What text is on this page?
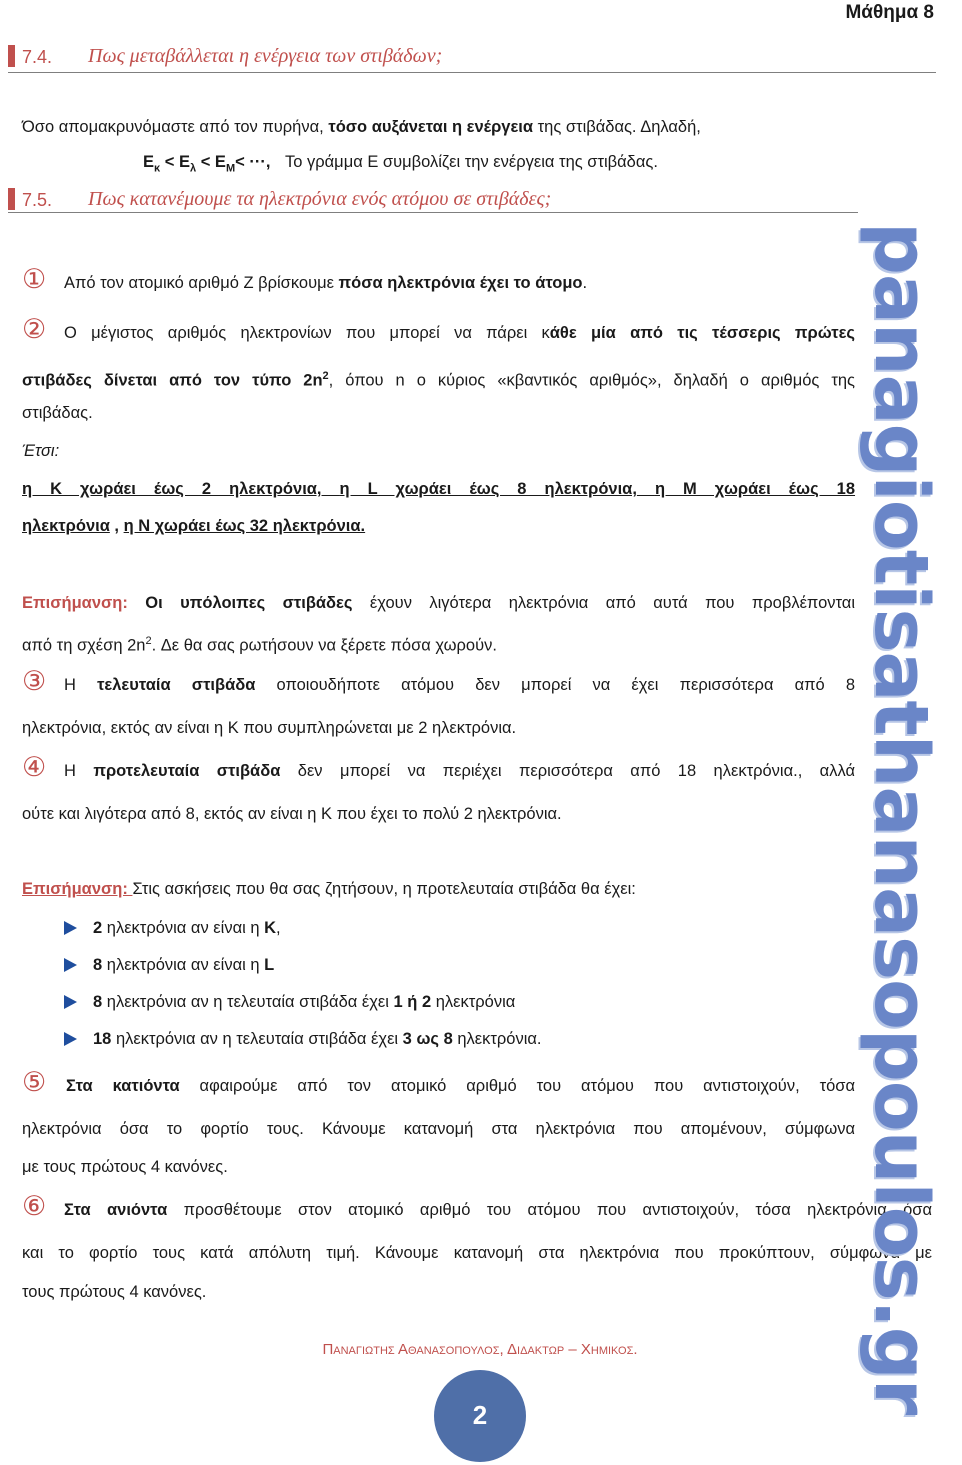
Μάθημα 8
7.4. Πως μεταβάλλεται η ενέργεια των στιβάδων;
Όσο απομακρυνόμαστε από τον πυρήνα, τόσο αυξάνεται η ενέργεια της στιβάδας. Δηλαδή,
$E_\kappa < E_\lambda < E_M<$ ···, Το γράμμα Ε συμβολίζει την ενέργεια της στιβάδας.
7.5. Πως κατανέμουμε τα ηλεκτρόνια ενός ατόμου σε στιβάδες;
① Από τον ατομικό αριθμό Ζ βρίσκουμε πόσα ηλεκτρόνια έχει το άτομο.
② Ο μέγιστος αριθμός ηλεκτρονίων που μπορεί να πάρει κάθε μία από τις τέσσερις πρώτες
στιβάδες δίνεται από τον τύπο $2n^2$, όπου n ο κύριος «κβαντικός αριθμός», δηλαδή ο αριθμός της
στιβάδας.
Έτσι:
η Κ χωράει έως 2 ηλεκτρόνια, η L χωράει έως 8 ηλεκτρόνια, η M χωράει έως 18
ηλεκτρόνια , η Ν χωράει έως 32 ηλεκτρόνια.
Επισήμανση: Οι υπόλοιπες στιβάδες έχουν λιγότερα ηλεκτρόνια από αυτά που προβλέπονται
από τη σχέση $2n^2$. Δε θα σας ρωτήσουν να ξέρετε πόσα χωρούν.
③ Η τελευταία στιβάδα οποιουδήποτε ατόμου δεν μπορεί να έχει περισσότερα από 8
ηλεκτρόνια, εκτός αν είναι η Κ που συμπληρώνεται με 2 ηλεκτρόνια.
④ Η προτελευταία στιβάδα δεν μπορεί να περιέχει περισσότερα από 18 ηλεκτρόνια., αλλά
ούτε και λιγότερα από 8, εκτός αν είναι η Κ που έχει το πολύ 2 ηλεκτρόνια.
Επισήμανση: Στις ασκήσεις που θα σας ζητήσουν, η προτελευταία στιβάδα θα έχει:
2 ηλεκτρόνια αν είναι η Κ,
8 ηλεκτρόνια αν είναι η L
8 ηλεκτρόνια αν η τελευταία στιβάδα έχει 1 ή 2 ηλεκτρόνια
18 ηλεκτρόνια αν η τελευταία στιβάδα έχει 3 ως 8 ηλεκτρόνια.
⑤ Στα κατιόντα αφαιρούμε από τον ατομικό αριθμό του ατόμου που αντιστοιχούν, τόσα
ηλεκτρόνια όσα το φορτίο τους. Κάνουμε κατανομή στα ηλεκτρόνια που απομένουν, σύμφωνα
με τους πρώτους 4 κανόνες.
⑥ Στα ανιόντα προσθέτουμε στον ατομικό αριθμό του ατόμου που αντιστοιχούν, τόσα ηλεκτρόνια όσα
και το φορτίο τους κατά απόλυτη τιμή. Κάνουμε κατανομή στα ηλεκτρόνια που προκύπτουν, σύμφωνα με
τους πρώτους 4 κανόνες.	panagiotisathanasopoulos.gr
Παναγιωτης Αθανασοπουλος, Διδακτωρ – Χημικος.
2
